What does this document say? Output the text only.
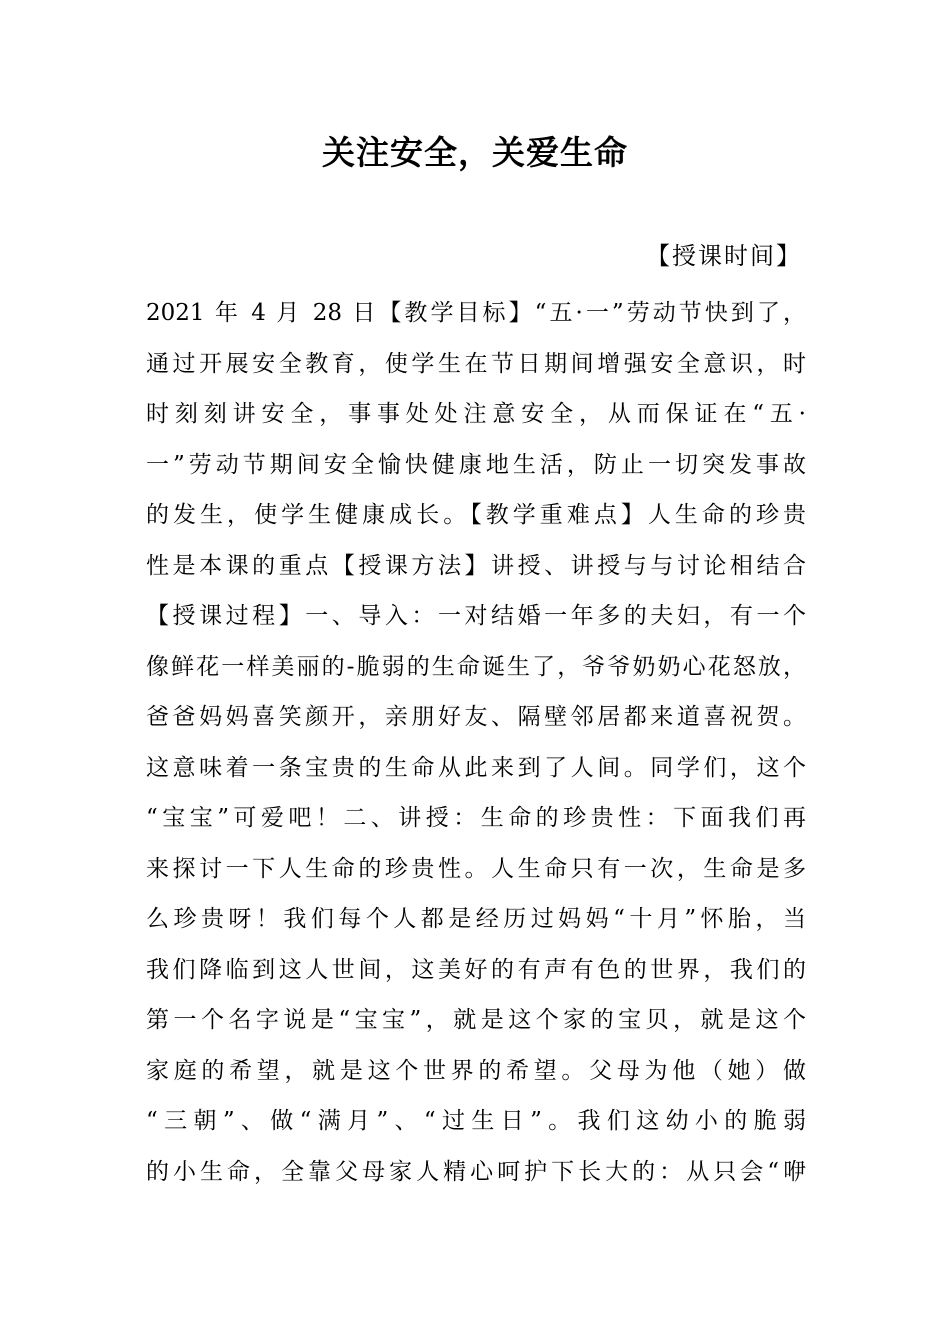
关注安全，关爱生命
【授课时间】
2021 年 4 月 28 日【教学目标】“五·一”劳动节快到了，
通过开展安全教育，使学生在节日期间增强安全意识，时
时刻刻讲安全，事事处处注意安全，从而保证在“五·
一”劳动节期间安全愉快健康地生活，防止一切突发事故
的发生，使学生健康成长。【教学重难点】人生命的珍贵
性是本课的重点【授课方法】讲授、讲授与与讨论相结合
【授课过程】一、导入：一对结婚一年多的夫妇，有一个
像鲜花一样美丽的-脆弱的生命诞生了，爷爷奶奶心花怒放，
爸爸妈妈喜笑颜开，亲朋好友、隔壁邻居都来道喜祝贺。
这意味着一条宝贵的生命从此来到了人间。同学们，这个
“宝宝”可爱吧！二、讲授：生命的珍贵性：下面我们再
来探讨一下人生命的珍贵性。人生命只有一次，生命是多
么珍贵呀！我们每个人都是经历过妈妈“十月”怀胎，当
我们降临到这人世间，这美好的有声有色的世界，我们的
第一个名字说是“宝宝”，就是这个家的宝贝，就是这个
家庭的希望，就是这个世界的希望。父母为他（她）做
“三朝”、做“满月”、“过生日”。我们这幼小的脆弱
的小生命，全靠父母家人精心呵护下长大的：从只会“咿
